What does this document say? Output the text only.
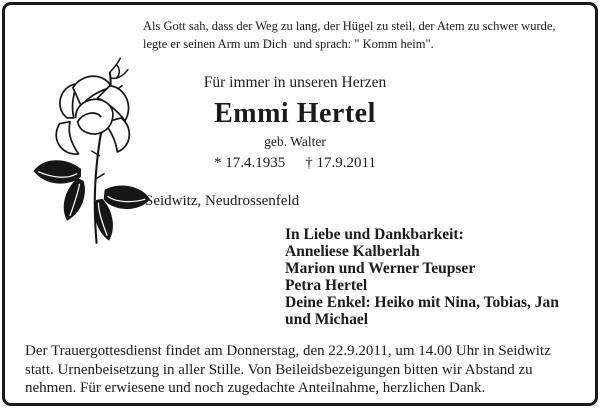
Als Gott sah, dass der Weg zu lang, der Hügel zu steil, der Atem zu schwer wurde,
legte er seinen Arm um Dich  und sprach: " Komm heim".
Für immer in unseren Herzen
Emmi Hertel
geb. Walter
* 17.4.1935 † 17.9.2011
Seidwitz, Neudrossenfeld
In Liebe und Dankbarkeit:
Anneliese Kalberlah
Marion und Werner Teupser
Petra Hertel
Deine Enkel: Heiko mit Nina, Tobias, Jan
und Michael
Der Trauergottesdienst findet am Donnerstag, den 22.9.2011, um 14.00 Uhr in Seidwitz
statt. Urnenbeisetzung in aller Stille. Von Beileidsbezeigungen bitten wir Abstand zu
nehmen. Für erwiesene und noch zugedachte Anteilnahme, herzlichen Dank.
